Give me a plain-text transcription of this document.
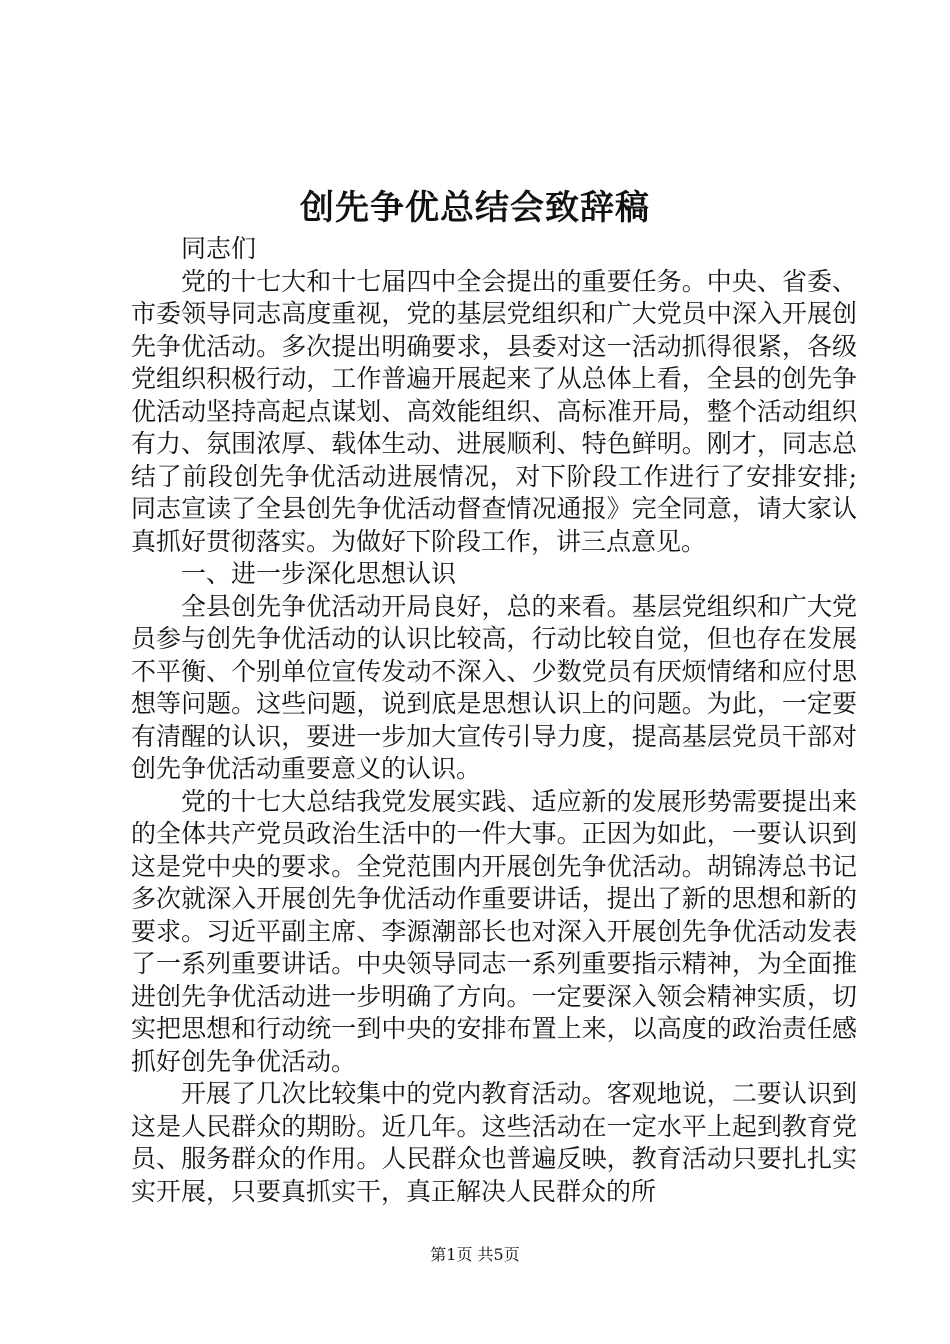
创先争优总结会致辞稿

同志们

党的十七大和十七届四中全会提出的重要任务。中央、省委、市委领导同志高度重视，党的基层党组织和广大党员中深入开展创先争优活动。多次提出明确要求，县委对这一活动抓得很紧，各级党组织积极行动，工作普遍开展起来了从总体上看，全县的创先争优活动坚持高起点谋划、高效能组织、高标准开局，整个活动组织有力、氛围浓厚、载体生动、进展顺利、特色鲜明。刚才，同志总结了前段创先争优活动进展情况，对下阶段工作进行了安排安排;同志宣读了全县创先争优活动督查情况通报》完全同意，请大家认真抓好贯彻落实。为做好下阶段工作，讲三点意见。

一、进一步深化思想认识

全县创先争优活动开局良好，总的来看。基层党组织和广大党员参与创先争优活动的认识比较高，行动比较自觉，但也存在发展不平衡、个别单位宣传发动不深入、少数党员有厌烦情绪和应付思想等问题。这些问题，说到底是思想认识上的问题。为此，一定要有清醒的认识，要进一步加大宣传引导力度，提高基层党员干部对创先争优活动重要意义的认识。

党的十七大总结我党发展实践、适应新的发展形势需要提出来的全体共产党员政治生活中的一件大事。正因为如此，一要认识到这是党中央的要求。全党范围内开展创先争优活动。胡锦涛总书记多次就深入开展创先争优活动作重要讲话，提出了新的思想和新的要求。习近平副主席、李源潮部长也对深入开展创先争优活动发表了一系列重要讲话。中央领导同志一系列重要指示精神，为全面推进创先争优活动进一步明确了方向。一定要深入领会精神实质，切实把思想和行动统一到中央的安排布置上来，以高度的政治责任感抓好创先争优活动。

开展了几次比较集中的党内教育活动。客观地说，二要认识到这是人民群众的期盼。近几年。这些活动在一定水平上起到教育党员、服务群众的作用。人民群众也普遍反映，教育活动只要扎扎实实开展，只要真抓实干，真正解决人民群众的所

第1页 共5页
